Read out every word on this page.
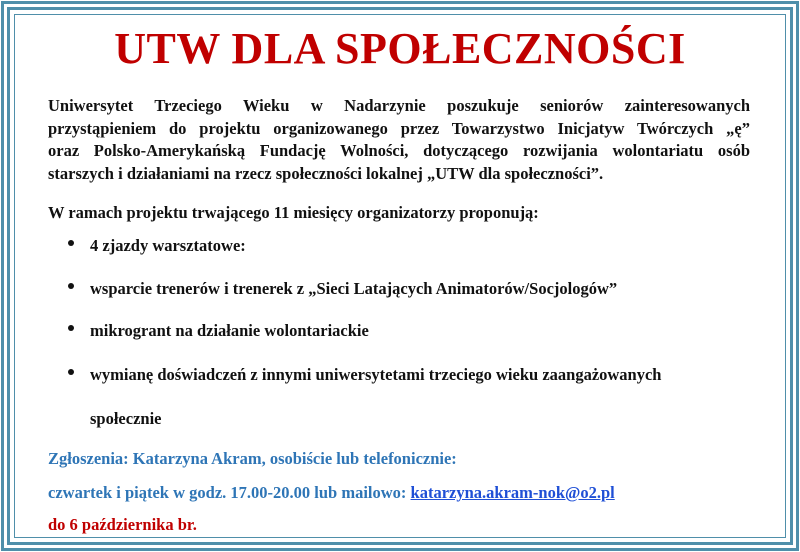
UTW DLA SPOŁECZNOŚCI
Uniwersytet Trzeciego Wieku w Nadarzynie poszukuje seniorów zainteresowanych
przystąpieniem do projektu organizowanego przez Towarzystwo Inicjatyw Twórczych „ę”
oraz Polsko-Amerykańską Fundację Wolności, dotyczącego rozwijania wolontariatu osób
starszych i działaniami na rzecz społeczności lokalnej „UTW dla społeczności”.
W ramach projektu trwającego 11 miesięcy organizatorzy proponują:
4 zjazdy warsztatowe:
wsparcie trenerów i trenerek z „Sieci Latających Animatorów/Socjologów”
mikrogrant na działanie wolontariackie
wymianę doświadczeń z innymi uniwersytetami trzeciego wieku zaangażowanych
społecznie
Zgłoszenia: Katarzyna Akram, osobiście lub telefonicznie:
czwartek i piątek w godz. 17.00-20.00 lub mailowo: katarzyna.akram-nok@o2.pl
do 6 października br.
